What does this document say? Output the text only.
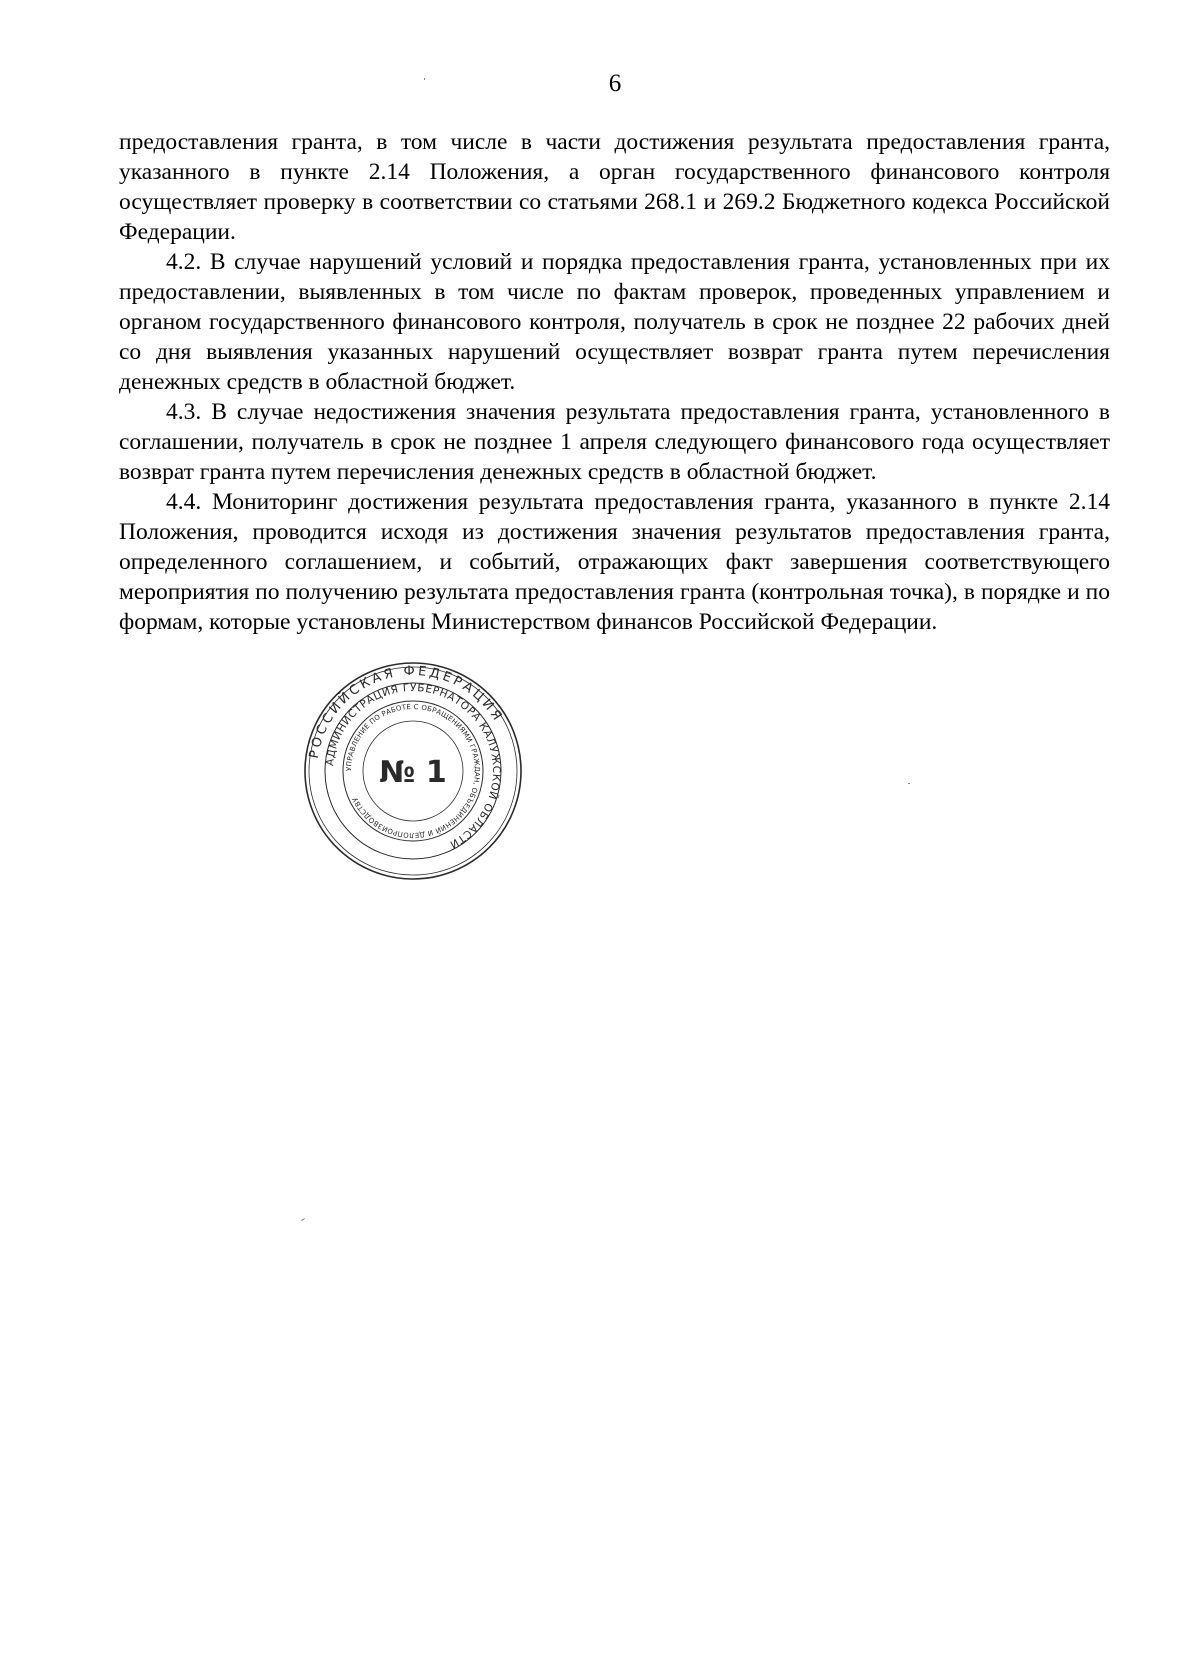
6

предоставления гранта, в том числе в части достижения результата предоставления гранта, указанного в пункте 2.14 Положения, а орган государственного финансового контроля осуществляет проверку в соответствии со статьями 268.1 и 269.2 Бюджетного кодекса Российской Федерации.

4.2. В случае нарушений условий и порядка предоставления гранта, установленных при их предоставлении, выявленных в том числе по фактам проверок, проведенных управлением и органом государственного финансового контроля, получатель в срок не позднее 22 рабочих дней со дня выявления указанных нарушений осуществляет возврат гранта путем перечисления денежных средств в областной бюджет.

4.3. В случае недостижения значения результата предоставления гранта, установленного в соглашении, получатель в срок не позднее 1 апреля следующего финансового года осуществляет возврат гранта путем перечисления денежных средств в областной бюджет.

4.4. Мониторинг достижения результата предоставления гранта, указанного в пункте 2.14 Положения, проводится исходя из достижения значения результатов предоставления гранта, определенного соглашением, и событий, отражающих факт завершения соответствующего мероприятия по получению результата предоставления гранта (контрольная точка), в порядке и по формам, которые установлены Министерством финансов Российской Федерации.

РОССИЙСКАЯ ФЕДЕРАЦИЯ
АДМИНИСТРАЦИЯ ГУБЕРНАТОРА КАЛУЖСКОЙ ОБЛАСТИ
УПРАВЛЕНИЕ ПО РАБОТЕ С ОБРАЩЕНИЯМИ ГРАЖДАН, ОБЪЕДИНЕНИЙ И ДЕЛОПРОИЗВОДСТВУ
№ 1
